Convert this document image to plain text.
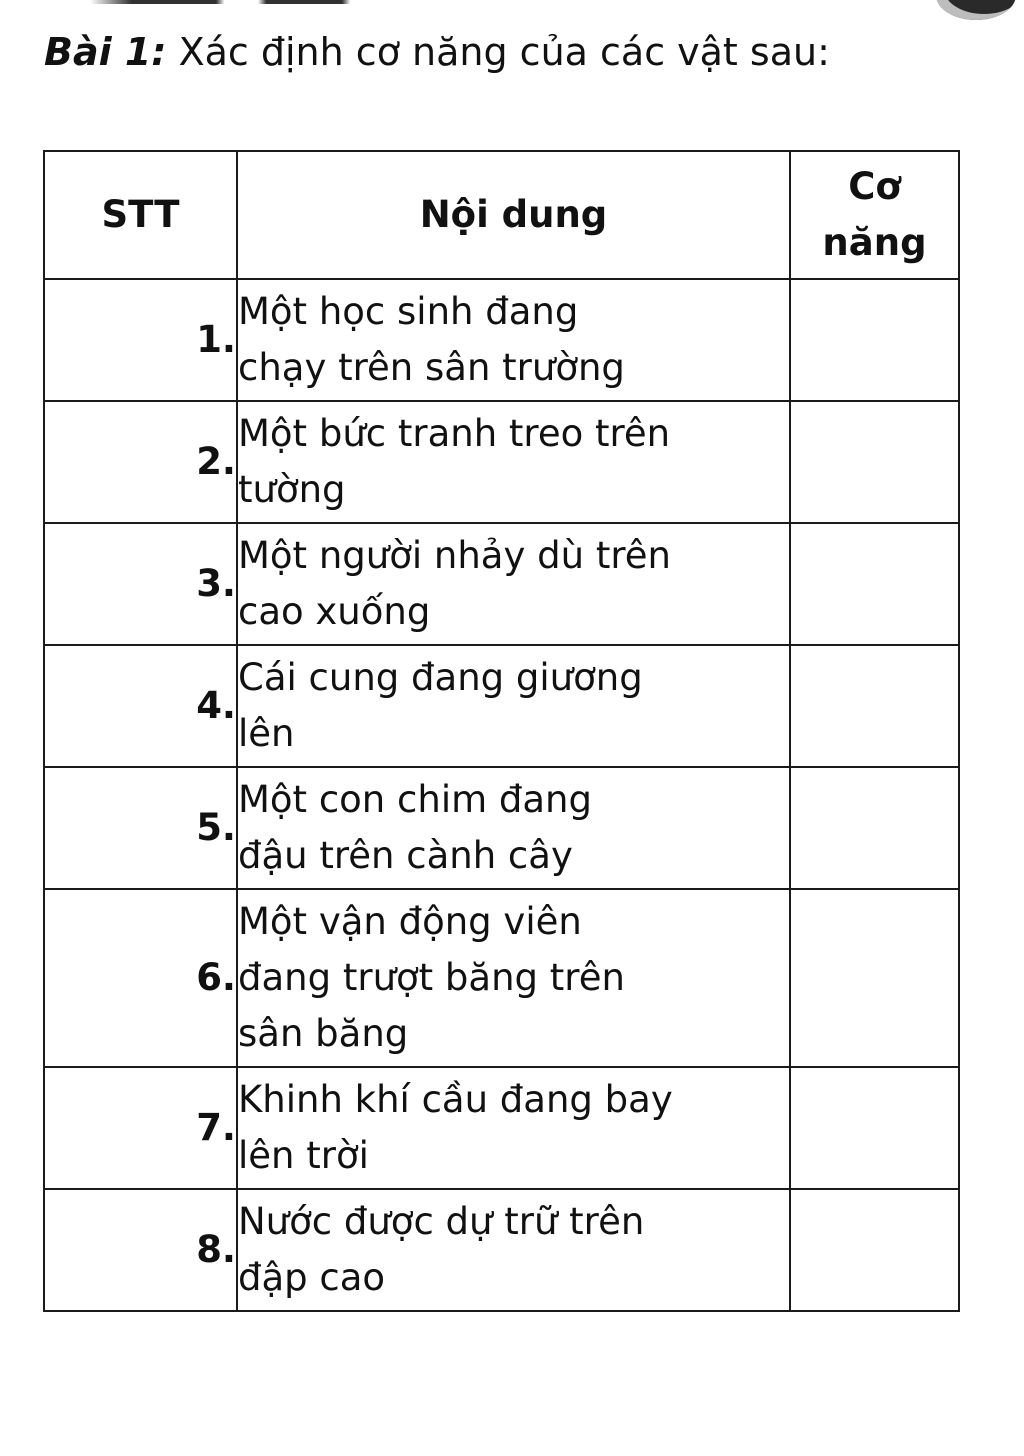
Bài 1: Xác định cơ năng của các vật sau:
STT	Nội dung	Cơ
năng

1.	Một học sinh đang
chạy trên sân trường	

2.	Một bức tranh treo trên
tường	

3.	Một người nhảy dù trên
cao xuống	

4.	Cái cung đang giương
lên	

5.	Một con chim đang
đậu trên cành cây	

6.	Một vận động viên
đang trượt băng trên
sân băng	

7.	Khinh khí cầu đang bay
lên trời	

8.	Nước được dự trữ trên
đập cao	
